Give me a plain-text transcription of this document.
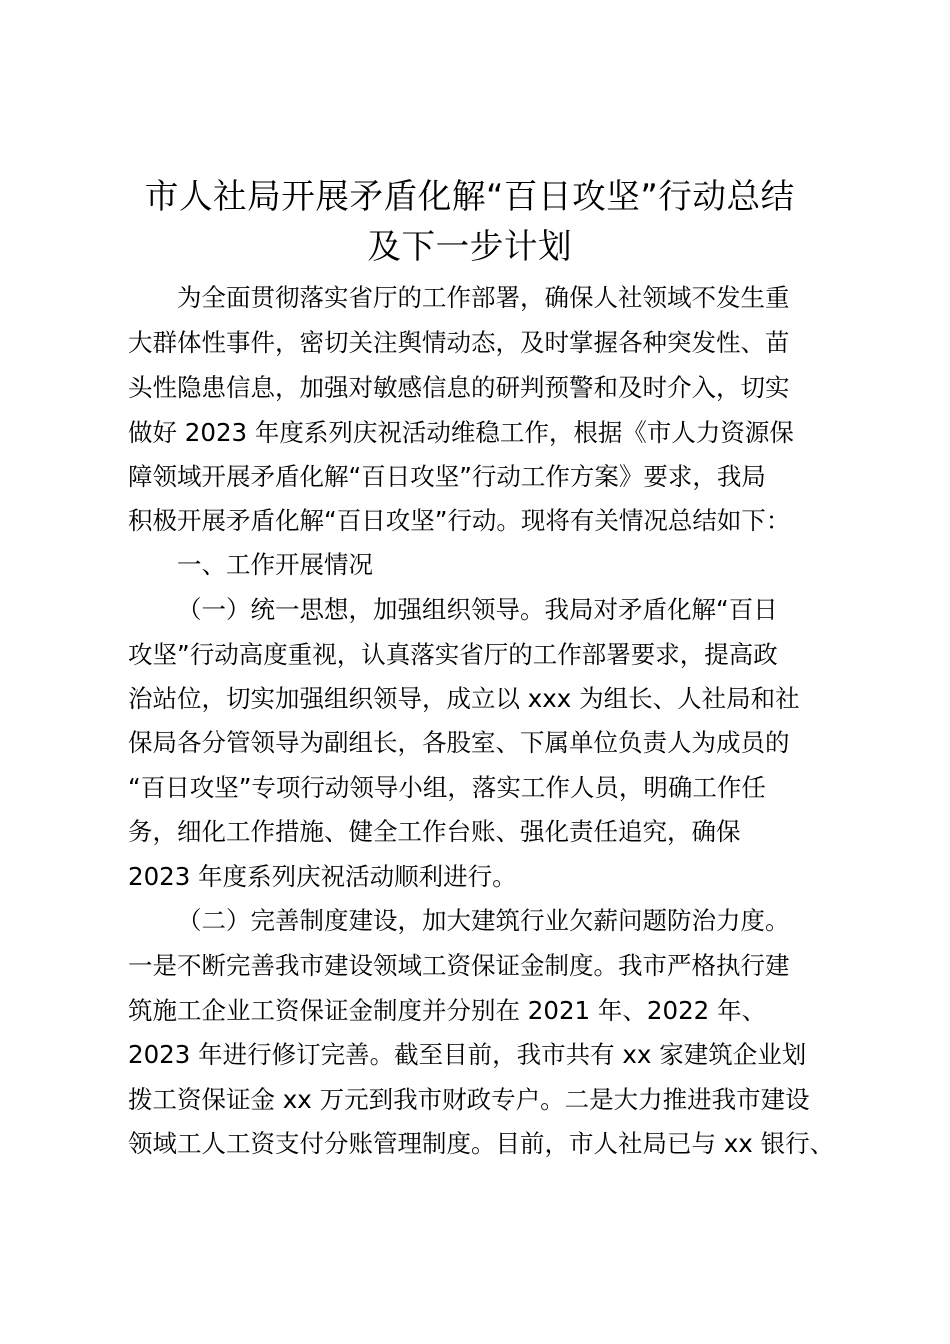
市人社局开展矛盾化解“百日攻坚”行动总结
及下一步计划
为全面贯彻落实省厅的工作部署，确保人社领域不发生重
大群体性事件，密切关注舆情动态，及时掌握各种突发性、苗
头性隐患信息，加强对敏感信息的研判预警和及时介入，切实
做好 2023 年度系列庆祝活动维稳工作，根据《市人力资源保
障领域开展矛盾化解“百日攻坚”行动工作方案》要求，我局
积极开展矛盾化解“百日攻坚”行动。现将有关情况总结如下：
一、工作开展情况
（一）统一思想，加强组织领导。我局对矛盾化解“百日
攻坚”行动高度重视，认真落实省厅的工作部署要求，提高政
治站位，切实加强组织领导，成立以 xxx 为组长、人社局和社
保局各分管领导为副组长，各股室、下属单位负责人为成员的
“百日攻坚”专项行动领导小组，落实工作人员，明确工作任
务，细化工作措施、健全工作台账、强化责任追究，确保
2023 年度系列庆祝活动顺利进行。
（二）完善制度建设，加大建筑行业欠薪问题防治力度。
一是不断完善我市建设领域工资保证金制度。我市严格执行建
筑施工企业工资保证金制度并分别在 2021 年、2022 年、
2023 年进行修订完善。截至目前，我市共有 xx 家建筑企业划
拨工资保证金 xx 万元到我市财政专户。二是大力推进我市建设
领域工人工资支付分账管理制度。目前，市人社局已与 xx 银行、
